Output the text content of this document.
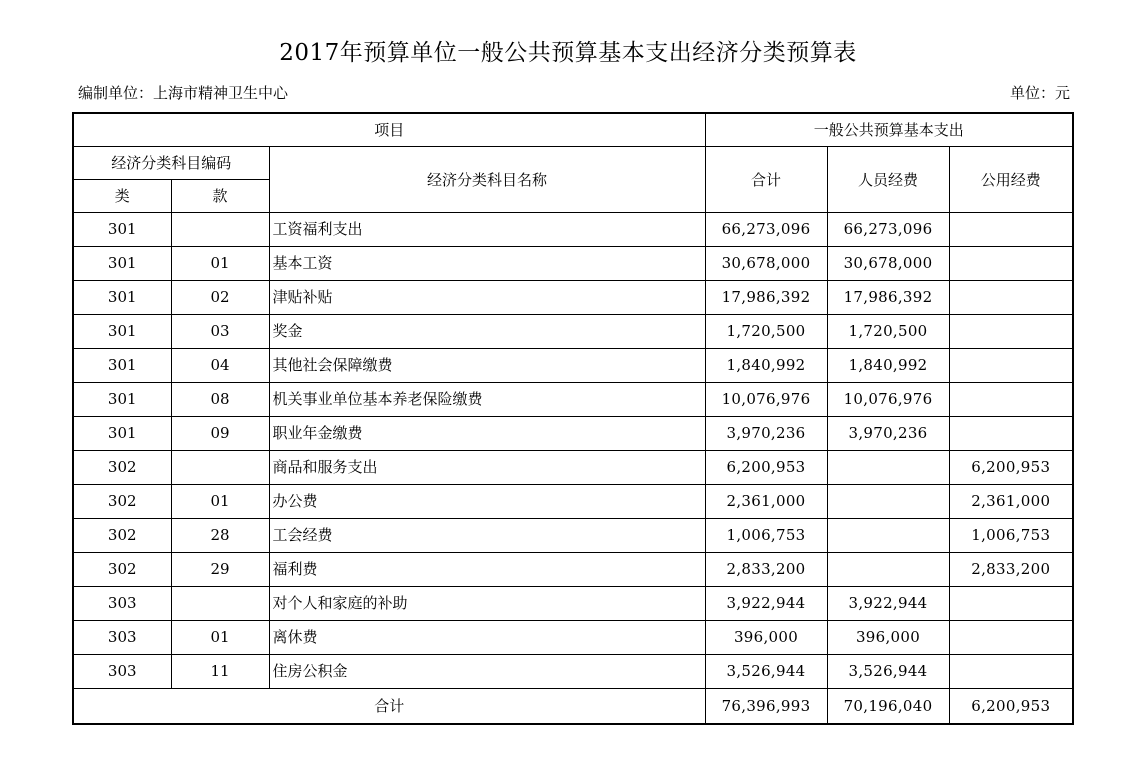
2017年预算单位一般公共预算基本支出经济分类预算表
编制单位：上海市精神卫生中心	单位：元
项目			一般公共预算基本支出		
经济分类科目编码		经济分类科目名称	合计	人员经费	公用经费
类	款				
301		工资福利支出	66,273,096	66,273,096	
301	01	基本工资	30,678,000	30,678,000	
301	02	津贴补贴	17,986,392	17,986,392	
301	03	奖金	1,720,500	1,720,500	
301	04	其他社会保障缴费	1,840,992	1,840,992	
301	08	机关事业单位基本养老保险缴费	10,076,976	10,076,976	
301	09	职业年金缴费	3,970,236	3,970,236	
302		商品和服务支出	6,200,953		6,200,953
302	01	办公费	2,361,000		2,361,000
302	28	工会经费	1,006,753		1,006,753
302	29	福利费	2,833,200		2,833,200
303		对个人和家庭的补助	3,922,944	3,922,944	
303	01	离休费	396,000	396,000	
303	11	住房公积金	3,526,944	3,526,944	
合计			76,396,993	70,196,040	6,200,953
